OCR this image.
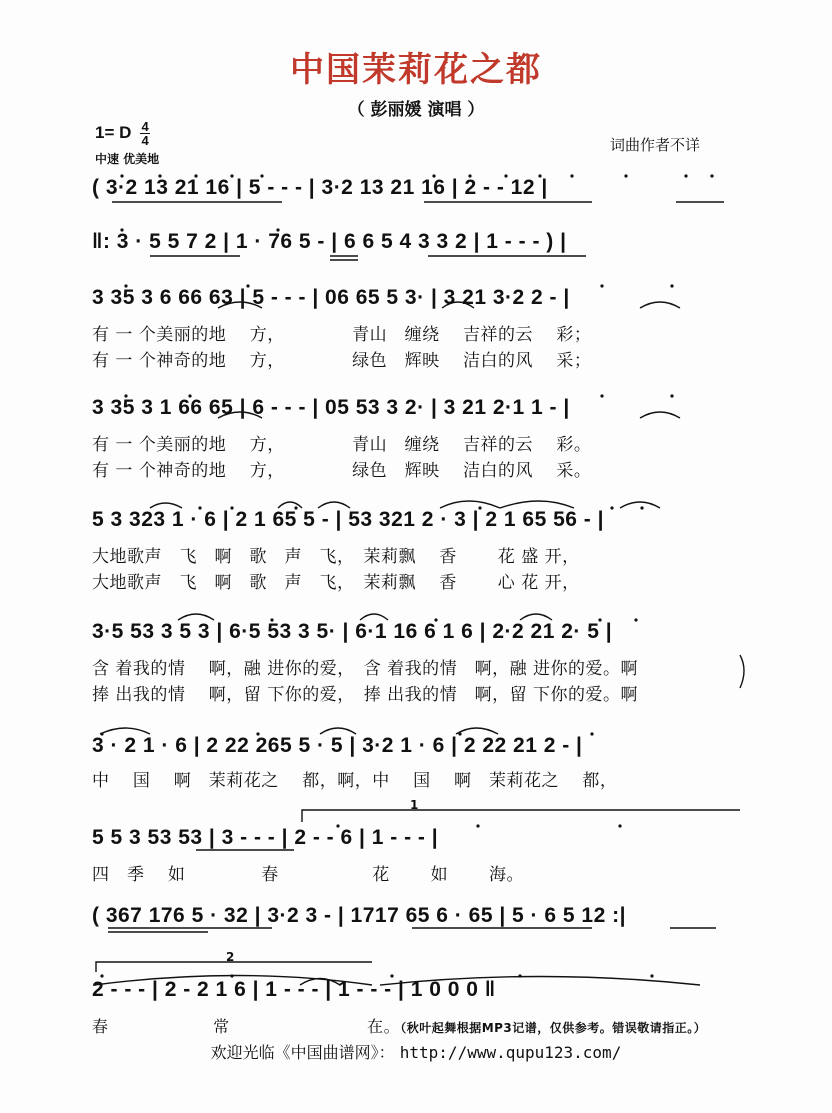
中国茉莉花之都
（ 彭丽媛 演唱 ）
1= D $\frac{4}{4}$
中速 优美地
词曲作者不详
( 3·2 13 21 16 | 5 - - - | 3·2 13 21 16 | 2 - - 12 |
‖: 3 · 5 5 7 2 | 1 · 76 5 - | 6 6 5 4 3 3 2 | 1 - - - ) |
3 35 3 6 66 63 | 5 - - - | 06 65 5 3· | 3 21 3·2 2 - |
有 一 个美丽的地　 方，　　　　 青山　缠绕　 吉祥的云　 彩；
有 一 个神奇的地　 方，　　　　 绿色　辉映　 洁白的风　 采；
3 35 3 1 66 65 | 6 - - - | 05 53 3 2· | 3 21 2·1 1 - |
有 一 个美丽的地　 方，　　　　 青山　缠绕　 吉祥的云　 彩。
有 一 个神奇的地　 方，　　　　 绿色　辉映　 洁白的风　 采。
5 3 323 1 · 6 | 2 1 65 5 - | 53 321 2 · 3 | 2 1 65 56 - |
大地歌声　飞　啊　歌　声　飞，　茉莉飘　 香　　 花 盛 开，
大地歌声　飞　啊　歌　声　飞，　茉莉飘　 香　　 心 花 开，
3·5 53 3 5 3 | 6·5 53 3 5· | 6·1 16 6 1 6 | 2·2 21 2· 5 |
含 着我的情　 啊，融 进你的爱，　含 着我的情　啊，融 进你的爱。啊
捧 出我的情　 啊，留 下你的爱，　捧 出我的情　啊，留 下你的爱。啊
3 · 2 1 · 6 | 2 22 265 5 · 5 | 3·2 1 · 6 | 2 22 21 2 - |
中　 国　 啊　茉莉花之　 都，啊，中　 国　 啊　茉莉花之　 都，
1
5 5 3 53 53 | 3 - - - | 2 - - 6 | 1 - - - |
四　季　 如　　　　 春　　　　　 花　　 如　　 海。
( 367 176 5 · 32 | 3·2 3 - | 1717 65 6 · 65 | 5 · 6 5 12 :|
2
2 - - - | 2 - 2 1 6 | 1 - - - | 1 - - - | 1 0 0 0 ‖
春　　　　　　 常　　　　　　　　 在。（秋叶起舞根据MP3记谱，仅供参考。错误敬请指正。）
欢迎光临《中国曲谱网》： http://www.qupu123.com/
